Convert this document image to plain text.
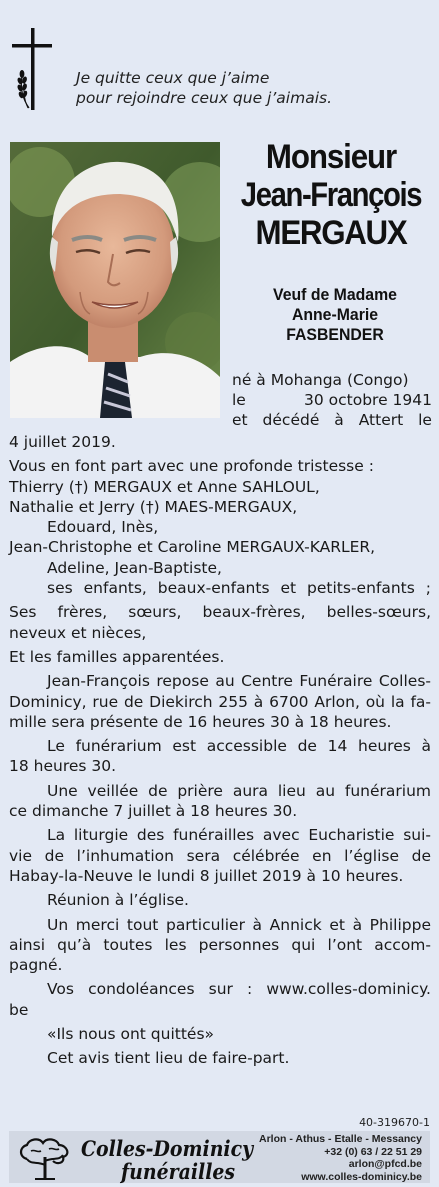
Je quitte ceux que j’aime
pour rejoindre ceux que j’aimais.
Monsieur
Jean-François
MERGAUX
Veuf de Madame
Anne-Marie
FASBENDER
né à Mohanga (Congo)
le	30 octobre 1941
et décédé à Attert le

4 juillet 2019.

Vous en font part avec une profonde tristesse :

Thierry (†) MERGAUX et Anne SAHLOUL,

Nathalie et Jerry (†) MAES-MERGAUX,

Edouard, Inès,

Jean-Christophe et Caroline MERGAUX-KARLER,

Adeline, Jean-Baptiste,

ses enfants, beaux-enfants et petits-enfants ;

Ses frères, sœurs, beaux-frères, belles-sœurs,

neveux et nièces,

Et les familles apparentées.

Jean-François repose au Centre Funéraire Colles-

Dominicy, rue de Diekirch 255 à 6700 Arlon, où la fa-

mille sera présente de 16 heures 30 à 18 heures.

Le funérarium est accessible de 14 heures à

18 heures 30.

Une veillée de prière aura lieu au funérarium

ce dimanche 7 juillet à 18 heures 30.

La liturgie des funérailles avec Eucharistie sui-

vie de l’inhumation sera célébrée en l’église de

Habay-la-Neuve le lundi 8 juillet 2019 à 10 heures.

Réunion à l’église.

Un merci tout particulier à Annick et à Philippe

ainsi qu’à toutes les personnes qui l’ont accom-

pagné.

Vos condoléances sur : www.colles-dominicy.

be

«Ils nous ont quittés»

Cet avis tient lieu de faire-part.

40-319670-1
Colles-Dominicy
funérailles
Arlon - Athus - Etalle - Messancy
+32 (0) 63 / 22 51 29
arlon@pfcd.be
www.colles-dominicy.be
